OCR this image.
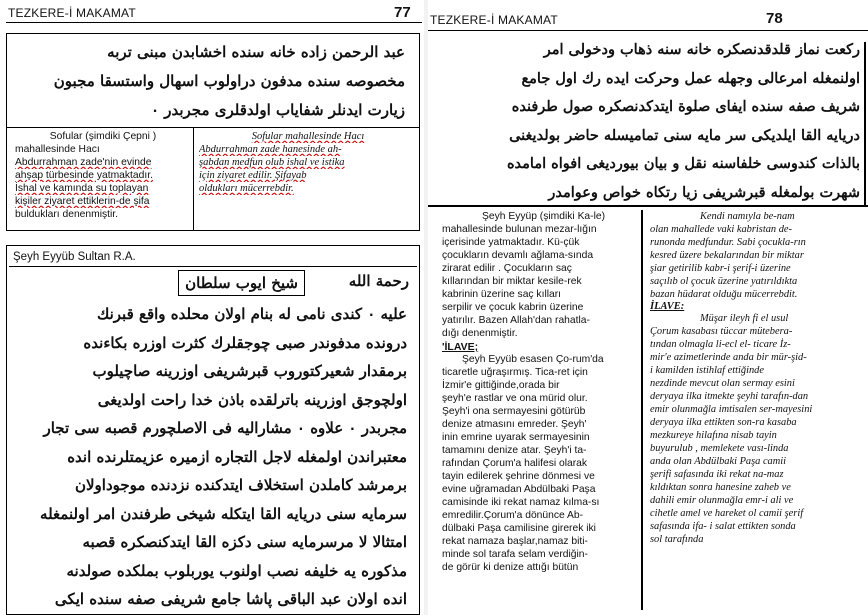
TEZKERE-İ MAKAMAT	77
عبد الرحمن زاده خانه سنده اخشابدن مبنی تربه
مخصوصه سنده مدفون دراولوب اسهال واستسقا مجبون
زیارت ایدنلر شفایاب اولدقلری مجربدر ۰
Sofular (şimdiki Çepni )
mahallesinde Hacı
Abdurrahman zade'nin evinde
ahşap türbesinde yatmaktadır.
İshal ve kamında su toplayan
kişiler ziyaret ettiklerin-de şifa
buldukları denenmiştir.
Sofular mahallesinde Hacı
Abdurrahman zade hanesinde ah-
şabdan medfun olub ishal ve istika
için ziyaret edilir. Şifayab
oldukları mücerrebdir.
Şeyh Eyyüb Sultan R.A.
رحمة الله
شیخ ایوب سلطان
علیه ۰ کندی نامی له بنام اولان محلده واقع قبرنك
درونده مدفوندر صبی چوجقلرك کثرت اوزره بکاءنده
برمقدار شعیرکتوروب قبرشریفی اوزرینه صاچیلوب
اولچوجق اوزرینه باترلقده باذن خدا راحت اولدیغی
مجربدر ۰ علاوه ۰ مشارالیه فی الاصلچورم قصبه سی تجار
معتبراندن اولمغله لاجل التجاره ازمیره عزیمتلرنده انده
برمرشد کاملدن استخلاف ایتدکنده نزدنده موجوداولان
سرمایه سنی دریایه القا ایتکله شیخی طرفندن امر اولنمغله
امتثالا لا مرسرمایه سنی دکزه القا ایتدکنصکره قصبه
مذکوره یه خلیفه نصب اولنوب یوربلوب بملکده صولدنه
انده اولان عبد الباقی پاشا جامع شریفی صفه سنده ایکی
TEZKERE-İ MAKAMAT	78
رکعت نماز قلدقدنصکره خانه سنه ذهاب ودخولی امر
اولنمغله امرعالی وجهله عمل وحرکت ایده رك اول جامع
شریف صفه سنده ایفای صلوة ایتدکدنصکره صول طرفنده
دریایه القا ایلدیکی سر مایه سنی تمامیسله حاضر بولدیغنی
بالذات کندوسی خلفاسنه نقل و بیان بیوردیغی افواه امامده
شهرت بولمغله قبرشریفی زیا رتکاه خواص وعوامدر
Şeyh Eyyüp (şimdiki Ka-le)
mahallesinde bulunan mezar-lığın
içerisinde yatmaktadır. Kü-çük
çocukların devamlı ağlama-sında
zirarat edilir . Çocukların saç
kıllarından bir miktar kesile-rek
kabrinin üzerine saç kılları
serpilir ve çocuk kabrin üzerine
yatırılır. Bazen Allah'dan rahatla-
dığı denenmiştir.
'İLAVE;
Şeyh Eyyüb esasen Ço-rum'da
ticaretle uğraşırmış. Tica-ret için
İzmir'e gittiğinde,orada bir
şeyh'e rastlar ve ona mürid olur.
Şeyh'i ona sermayesini götürüb
denize atmasını emreder. Şeyh'
inin emrine uyarak sermayesinin
tamamını denize atar. Şeyh'i ta-
rafından Çorum'a halifesi olarak
tayin edilerek şehrine dönmesi ve
evine uğramadan Abdülbaki Paşa
camisinde iki rekat namaz kılma-sı
emredilir.Çorum'a dönünce Ab-
dülbaki Paşa camilisine girerek iki
rekat namaza başlar,namaz biti-
minde sol tarafa selam verdiğin-
de görür ki denize attığı bütün
Kendi namıyla be-nam
olan mahallede vaki kabristan de-
runonda medfundur. Sabi çocukla-rın
kesred üzere bekalarından bir miktar
şiar getirilib kabr-i şerif-i üzerine
saçılıb ol çocuk üzerine yatırıldıkta
bazan hüdarat olduğu mücerrebdit.
İLAVE:
Müşar ileyh fi el usul
Çorum kasabası tüccar mütebera-
tından olmagla li-ecl el- ticare İz-
mir'e azimetlerinde anda bir mür-şid-
i kamilden istihlaf ettiğinde
nezdinde mevcut olan sermay esini
deryaya ilka itmekte şeyhi tarafın-dan
emir olunmağla imtisalen ser-mayesini
deryaya ilka ettikten son-ra kasaba
mezkureye hilafına nisab tayin
buyurulub , memlekete vası-linda
anda olan Abdülbaki Paşa camii
şerifi safasında iki rekat na-maz
kıldıktan sonra hanesine zaheb ve
dahili emir olunmağla emr-i ali ve
cihetle amel ve hareket ol camii şerif
safasında ifa- i salat ettikten sonda
sol tarafında
